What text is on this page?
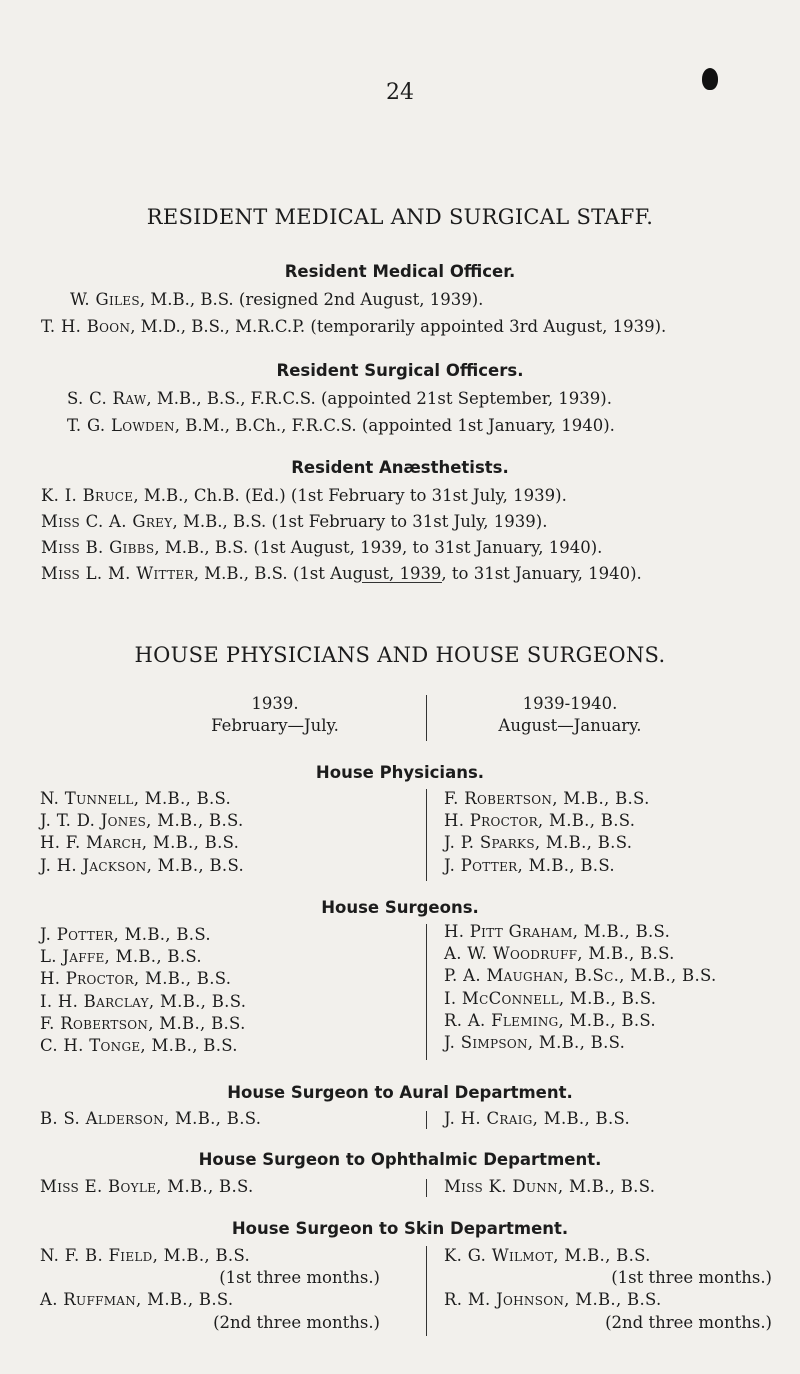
24
RESIDENT MEDICAL AND SURGICAL STAFF.
Resident Medical Officer.
W. Giles, M.B., B.S. (resigned 2nd August, 1939).
T. H. Boon, M.D., B.S., M.R.C.P. (temporarily appointed 3rd August, 1939).
Resident Surgical Officers.
S. C. Raw, M.B., B.S., F.R.C.S. (appointed 21st September, 1939).
T. G. Lowden, B.M., B.Ch., F.R.C.S. (appointed 1st January, 1940).
Resident Anæsthetists.
K. I. Bruce, M.B., Ch.B. (Ed.) (1st February to 31st July, 1939).
Miss C. A. Grey, M.B., B.S. (1st February to 31st July, 1939).
Miss B. Gibbs, M.B., B.S. (1st August, 1939, to 31st January, 1940).
Miss L. M. Witter, M.B., B.S. (1st August, 1939, to 31st January, 1940).
HOUSE PHYSICIANS AND HOUSE SURGEONS.
1939.
February—July.
1939-1940.
August—January.
House Physicians.
N. Tunnell, M.B., B.S.
J. T. D. Jones, M.B., B.S.
H. F. March, M.B., B.S.
J. H. Jackson, M.B., B.S.
F. Robertson, M.B., B.S.
H. Proctor, M.B., B.S.
J. P. Sparks, M.B., B.S.
J. Potter, M.B., B.S.
House Surgeons.
J. Potter, M.B., B.S.
L. Jaffe, M.B., B.S.
H. Proctor, M.B., B.S.
I. H. Barclay, M.B., B.S.
F. Robertson, M.B., B.S.
C. H. Tonge, M.B., B.S.
H. Pitt Graham, M.B., B.S.
A. W. Woodruff, M.B., B.S.
P. A. Maughan, B.Sc., M.B., B.S.
I. McConnell, M.B., B.S.
R. A. Fleming, M.B., B.S.
J. Simpson, M.B., B.S.
House Surgeon to Aural Department.
B. S. Alderson, M.B., B.S.	J. H. Craig, M.B., B.S.
House Surgeon to Ophthalmic Department.
Miss E. Boyle, M.B., B.S.	Miss K. Dunn, M.B., B.S.
House Surgeon to Skin Department.
N. F. B. Field, M.B., B.S.
(1st three months.)
A. Ruffman, M.B., B.S.
(2nd three months.)
K. G. Wilmot, M.B., B.S.
(1st three months.)
R. M. Johnson, M.B., B.S.
(2nd three months.)
